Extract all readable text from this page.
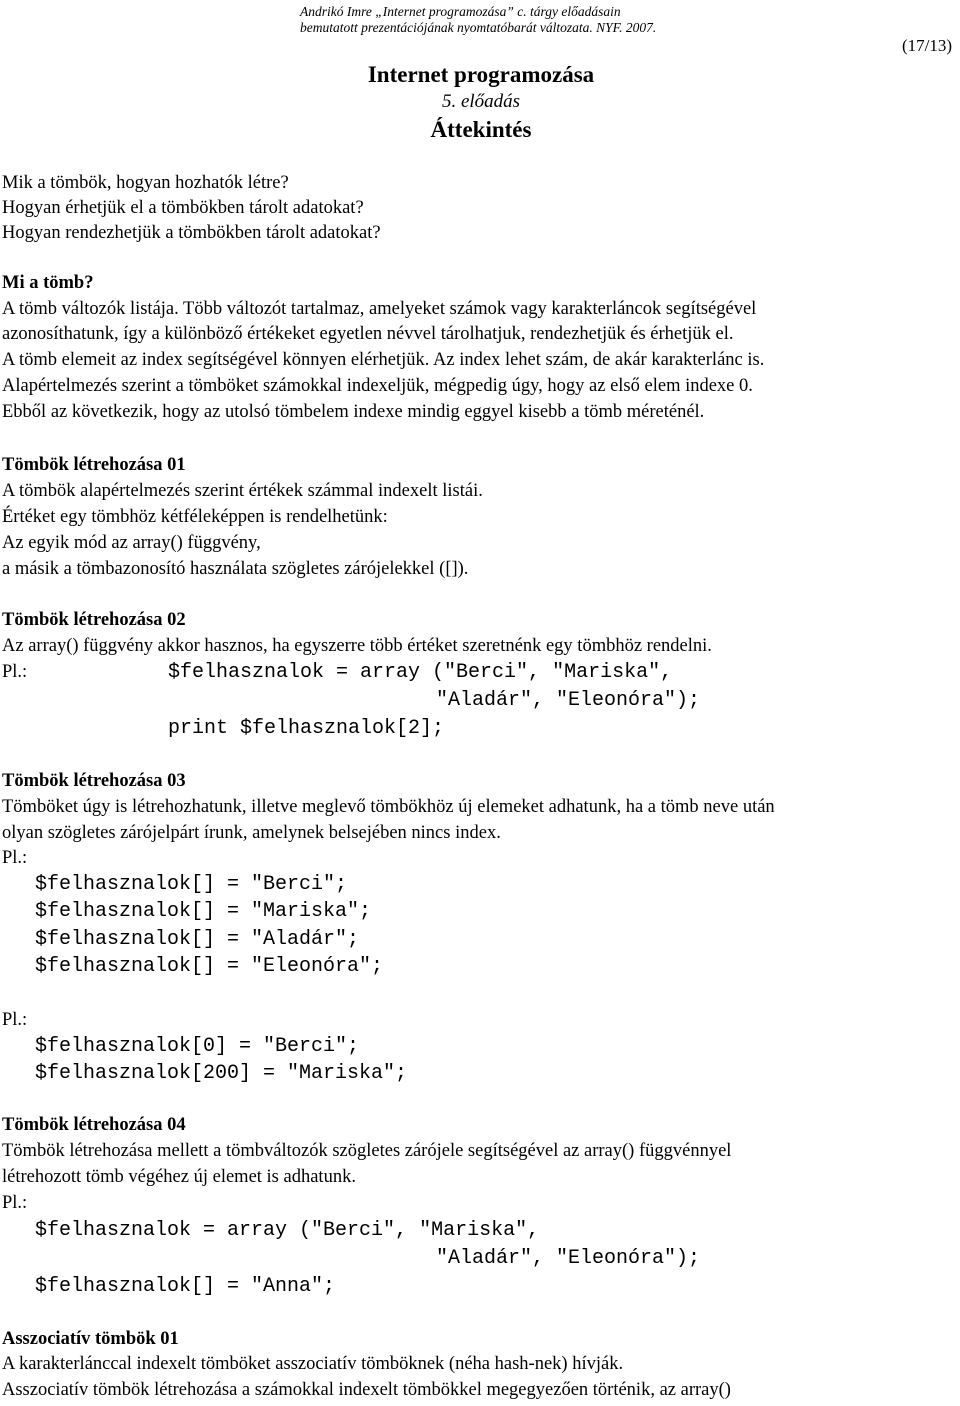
Andrikó Imre „Internet programozása” c. tárgy előadásain
bemutatott prezentációjának nyomtatóbarát változata. NYF. 2007.
(17/13)
Internet programozása
5. előadás
Áttekintés
Mik a tömbök, hogyan hozhatók létre?
Hogyan érhetjük el a tömbökben tárolt adatokat?
Hogyan rendezhetjük a tömbökben tárolt adatokat?
Mi a tömb?
A tömb változók listája. Több változót tartalmaz, amelyeket számok vagy karakterláncok segítségével
azonosíthatunk, így a különböző értékeket egyetlen névvel tárolhatjuk, rendezhetjük és érhetjük el.
A tömb elemeit az index segítségével könnyen elérhetjük. Az index lehet szám, de akár karakterlánc is.
Alapértelmezés szerint a tömböket számokkal indexeljük, mégpedig úgy, hogy az első elem indexe 0.
Ebből az következik, hogy az utolsó tömbelem indexe mindig eggyel kisebb a tömb méreténél.
Tömbök létrehozása 01
A tömbök alapértelmezés szerint értékek számmal indexelt listái.
Értéket egy tömbhöz kétféleképpen is rendelhetünk:
Az egyik mód az array() függvény,
a másik a tömbazonosító használata szögletes zárójelekkel ([]).
Tömbök létrehozása 02
Az array() függvény akkor hasznos, ha egyszerre több értéket szeretnénk egy tömbhöz rendelni.
Pl.:	$felhasznalok = array ("Berci", "Mariska",
"Aladár", "Eleonóra");
print $felhasznalok[2];
Tömbök létrehozása 03
Tömböket úgy is létrehozhatunk, illetve meglevő tömbökhöz új elemeket adhatunk, ha a tömb neve után
olyan szögletes zárójelpárt írunk, amelynek belsejében nincs index.
Pl.:
$felhasznalok[] = "Berci";
$felhasznalok[] = "Mariska";
$felhasznalok[] = "Aladár";
$felhasznalok[] = "Eleonóra";
Pl.:
$felhasznalok[0] = "Berci";
$felhasznalok[200] = "Mariska";
Tömbök létrehozása 04
Tömbök létrehozása mellett a tömbváltozók szögletes zárójele segítségével az array() függvénnyel
létrehozott tömb végéhez új elemet is adhatunk.
Pl.:
$felhasznalok = array ("Berci", "Mariska",
"Aladár", "Eleonóra");
$felhasznalok[] = "Anna";
Asszociatív tömbök 01
A karakterlánccal indexelt tömböket asszociatív tömböknek (néha hash-nek) hívják.
Asszociatív tömbök létrehozása a számokkal indexelt tömbökkel megegyezően történik, az array()
